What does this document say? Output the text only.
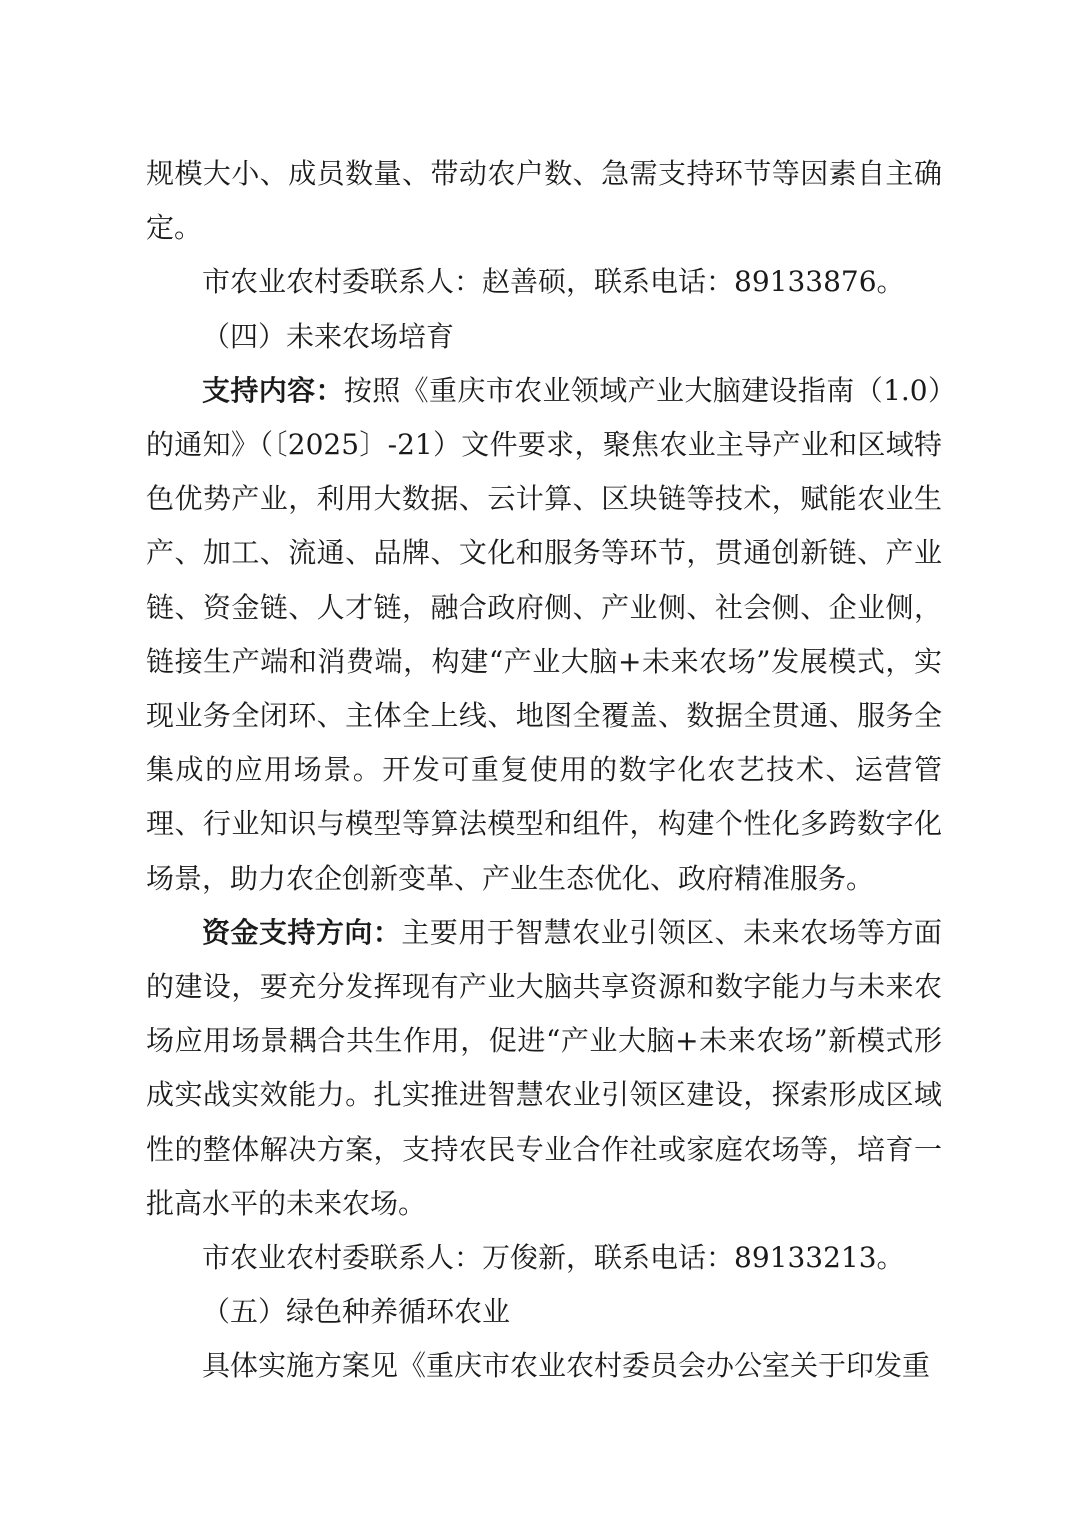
规模大小、成员数量、带动农户数、急需支持环节等因素自主确定。

市农业农村委联系人：赵善硕，联系电话：89133876。

（四）未来农场培育

支持内容：按照《重庆市农业领域产业大脑建设指南（1.0）的通知》（〔2025〕-21）文件要求，聚焦农业主导产业和区域特色优势产业，利用大数据、云计算、区块链等技术，赋能农业生产、加工、流通、品牌、文化和服务等环节，贯通创新链、产业链、资金链、人才链，融合政府侧、产业侧、社会侧、企业侧，链接生产端和消费端，构建“产业大脑+未来农场”发展模式，实现业务全闭环、主体全上线、地图全覆盖、数据全贯通、服务全集成的应用场景。开发可重复使用的数字化农艺技术、运营管理、行业知识与模型等算法模型和组件，构建个性化多跨数字化场景，助力农企创新变革、产业生态优化、政府精准服务。

资金支持方向：主要用于智慧农业引领区、未来农场等方面的建设，要充分发挥现有产业大脑共享资源和数字能力与未来农场应用场景耦合共生作用，促进“产业大脑+未来农场”新模式形成实战实效能力。扎实推进智慧农业引领区建设，探索形成区域性的整体解决方案，支持农民专业合作社或家庭农场等，培育一批高水平的未来农场。

市农业农村委联系人：万俊新，联系电话：89133213。

（五）绿色种养循环农业

具体实施方案见《重庆市农业农村委员会办公室关于印发重
